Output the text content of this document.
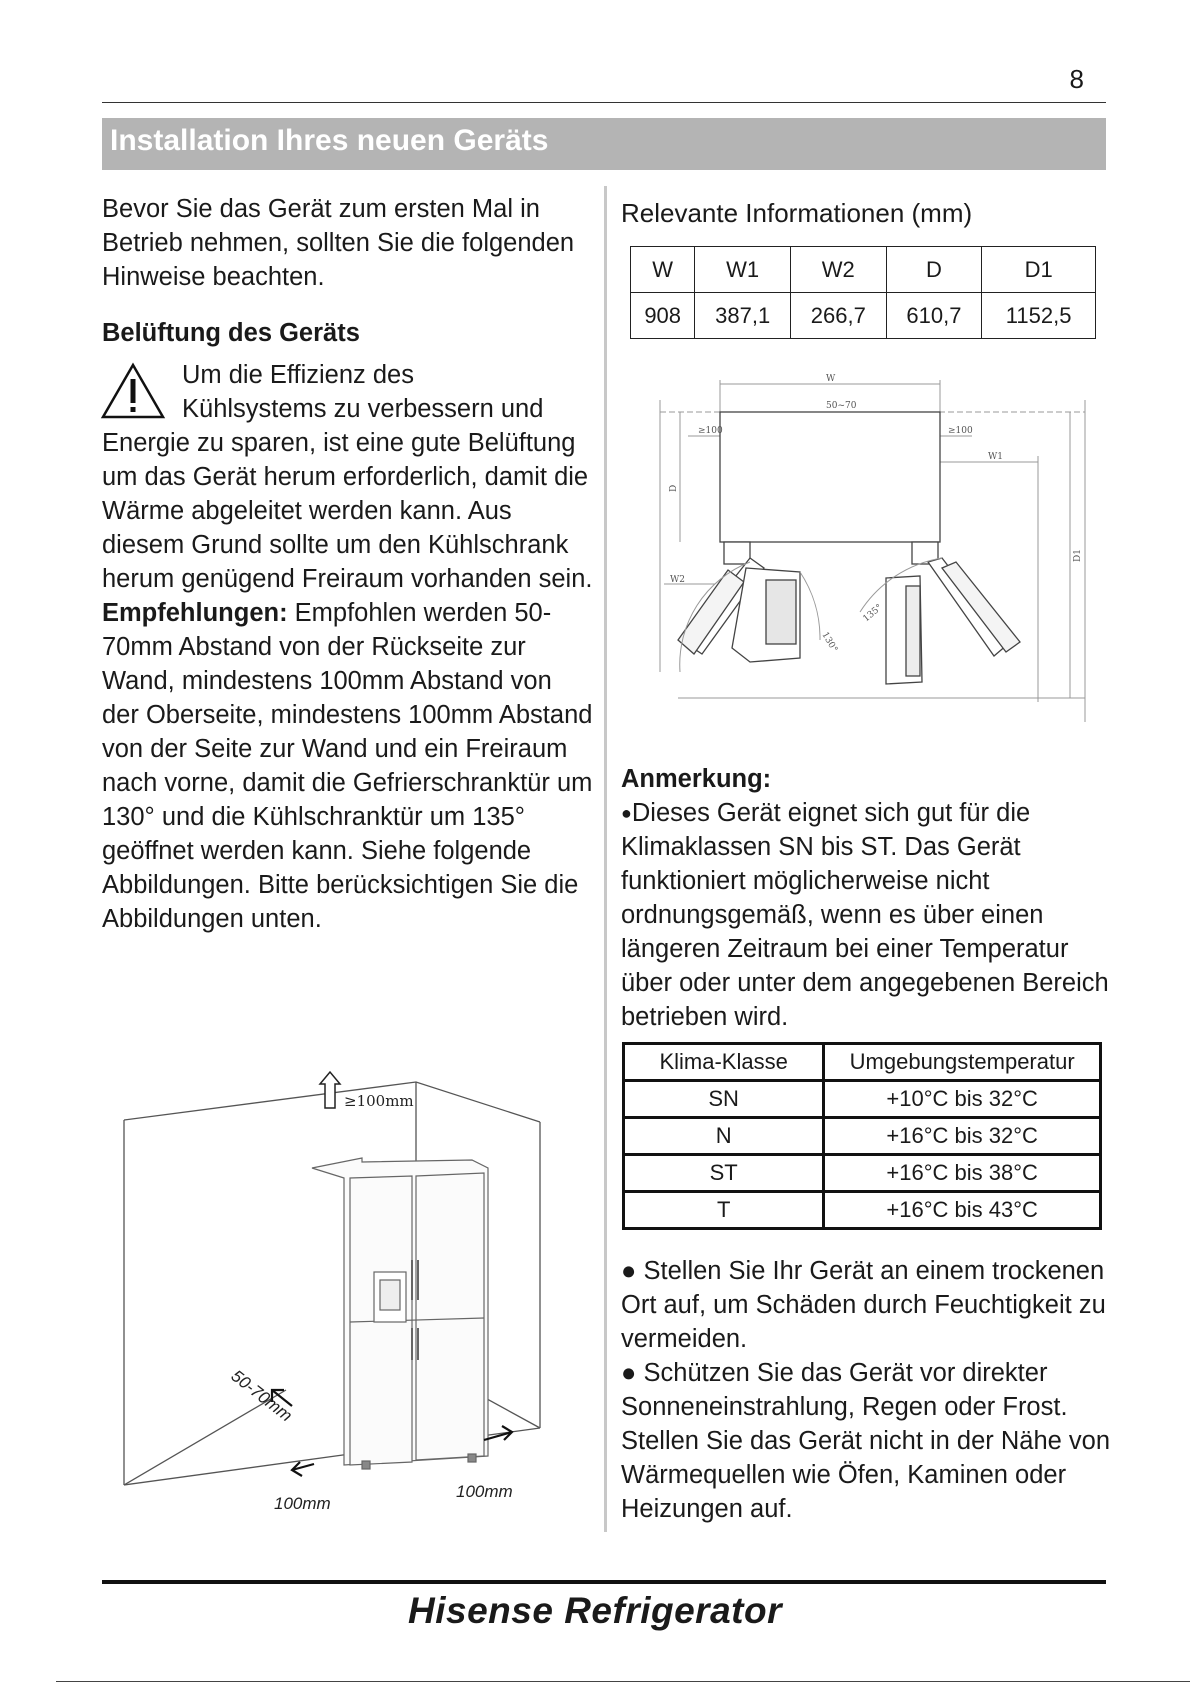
8
Installation Ihres neuen Geräts

Bevor Sie das Gerät zum ersten Mal in Betrieb nehmen, sollten Sie die folgenden Hinweise beachten.

Belüftung des Geräts

Um die Effizienz des

Kühlsystems zu verbessern und

Energie zu sparen, ist eine gute Belüftung um das Gerät herum erforderlich, damit die Wärme abgeleitet werden kann. Aus diesem Grund sollte um den Kühlschrank herum genügend Freiraum vorhanden sein.

Empfehlungen: Empfohlen werden 50-70mm Abstand von der Rückseite zur Wand, mindestens 100mm Abstand von der Oberseite, mindestens 100mm Abstand von der Seite zur Wand und ein Freiraum nach vorne, damit die Gefrierschranktür um 130° und die Kühlschranktür um 135° geöffnet werden kann. Siehe folgende Abbildungen. Bitte berücksichtigen Sie die Abbildungen unten.

≥100mm
50-70mm
100mm
100mm
Relevante Informationen (mm)
W	W1	W2	D	D1
908	387,1	266,7	610,7	1152,5
W
50~70
≥100	≥100
W1
D
D1
W2
130°
135°
Anmerkung:
●Dieses Gerät eignet sich gut für die Klimaklassen SN bis ST. Das Gerät funktioniert möglicherweise nicht ordnungsgemäß, wenn es über einen längeren Zeitraum bei einer Temperatur über oder unter dem angegebenen Bereich betrieben wird.
Klima-Klasse	Umgebungstemperatur
SN	+10°C bis 32°C
N	+16°C bis 32°C
ST	+16°C bis 38°C
T	+16°C bis 43°C

● Stellen Sie Ihr Gerät an einem trockenen Ort auf, um Schäden durch Feuchtigkeit zu vermeiden.

● Schützen Sie das Gerät vor direkter Sonneneinstrahlung, Regen oder Frost. Stellen Sie das Gerät nicht in der Nähe von Wärmequellen wie Öfen, Kaminen oder Heizungen auf.

Hisense Refrigerator
